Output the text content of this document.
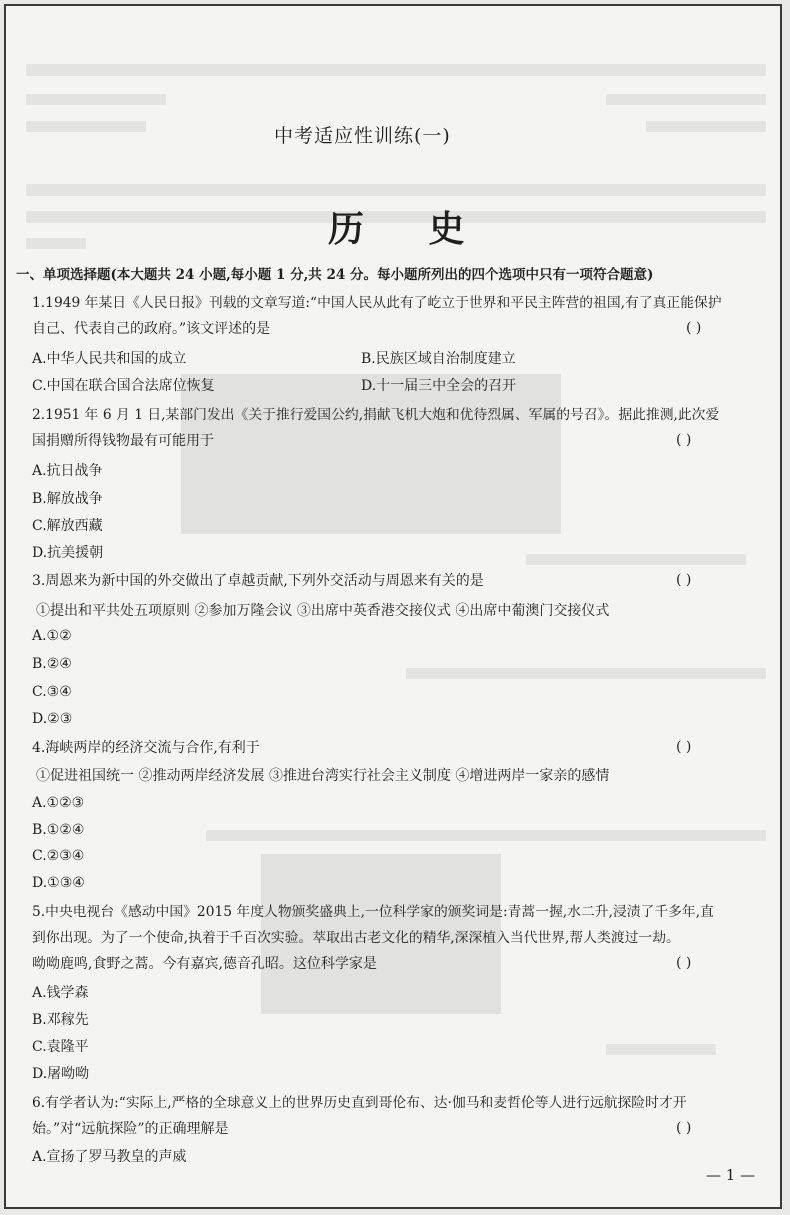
中考适应性训练(一)
历 史
一、单项选择题(本大题共 24 小题,每小题 1 分,共 24 分。每小题所列出的四个选项中只有一项符合题意)
1.1949 年某日《人民日报》刊载的文章写道:“中国人民从此有了屹立于世界和平民主阵营的祖国,有了真正能保护
自己、代表自己的政府。”该文评述的是	( )
A.中华人民共和国的成立	B.民族区域自治制度建立
C.中国在联合国合法席位恢复	D.十一届三中全会的召开
2.1951 年 6 月 1 日,某部门发出《关于推行爱国公约,捐献飞机大炮和优待烈属、军属的号召》。据此推测,此次爱
国捐赠所得钱物最有可能用于	( )
A.抗日战争
B.解放战争
C.解放西藏
D.抗美援朝
3.周恩来为新中国的外交做出了卓越贡献,下列外交活动与周恩来有关的是	( )
①提出和平共处五项原则 ②参加万隆会议 ③出席中英香港交接仪式 ④出席中葡澳门交接仪式
A.①②
B.②④
C.③④
D.②③
4.海峡两岸的经济交流与合作,有利于	( )
①促进祖国统一 ②推动两岸经济发展 ③推进台湾实行社会主义制度 ④增进两岸一家亲的感情
A.①②③
B.①②④
C.②③④
D.①③④
5.中央电视台《感动中国》2015 年度人物颁奖盛典上,一位科学家的颁奖词是:青蒿一握,水二升,浸渍了千多年,直
到你出现。为了一个使命,执着于千百次实验。萃取出古老文化的精华,深深植入当代世界,帮人类渡过一劫。
呦呦鹿鸣,食野之蒿。今有嘉宾,德音孔昭。这位科学家是	( )
A.钱学森
B.邓稼先
C.袁隆平
D.屠呦呦
6.有学者认为:“实际上,严格的全球意义上的世界历史直到哥伦布、达·伽马和麦哲伦等人进行远航探险时才开
始。”对“远航探险”的正确理解是	( )
A.宣扬了罗马教皇的声威
— 1 —
